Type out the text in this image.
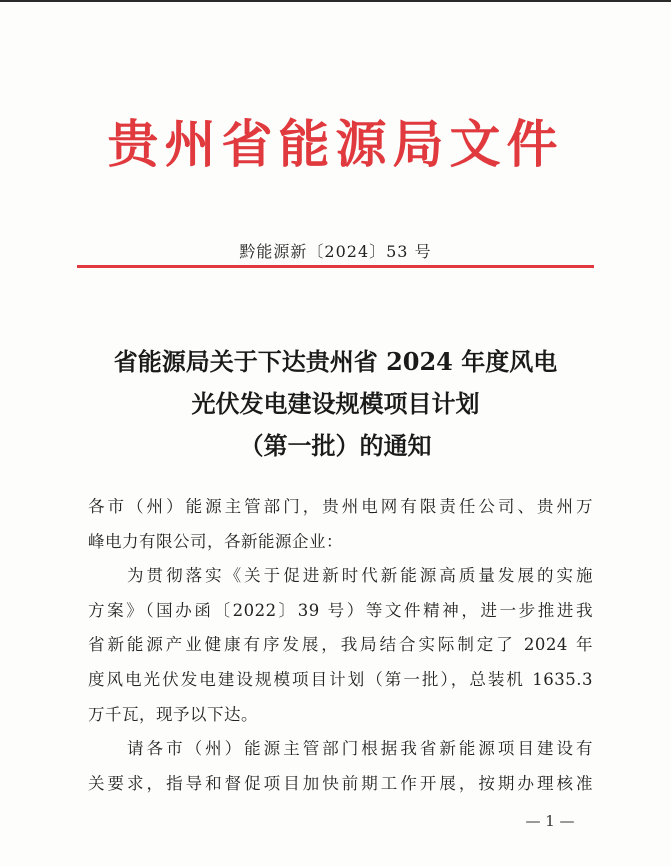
贵州省能源局文件
黔能源新〔2024〕53 号
省能源局关于下达贵州省 2024 年度风电
光伏发电建设规模项目计划
（第一批）的通知
各市（州）能源主管部门，贵州电网有限责任公司、贵州万
峰电力有限公司，各新能源企业：
　　为贯彻落实《关于促进新时代新能源高质量发展的实施
方案》（国办函〔2022〕39 号）等文件精神，进一步推进我
省新能源产业健康有序发展，我局结合实际制定了 2024 年
度风电光伏发电建设规模项目计划（第一批），总装机 1635.3
万千瓦，现予以下达。
　　请各市（州）能源主管部门根据我省新能源项目建设有
关要求，指导和督促项目加快前期工作开展，按期办理核准
— 1 —
